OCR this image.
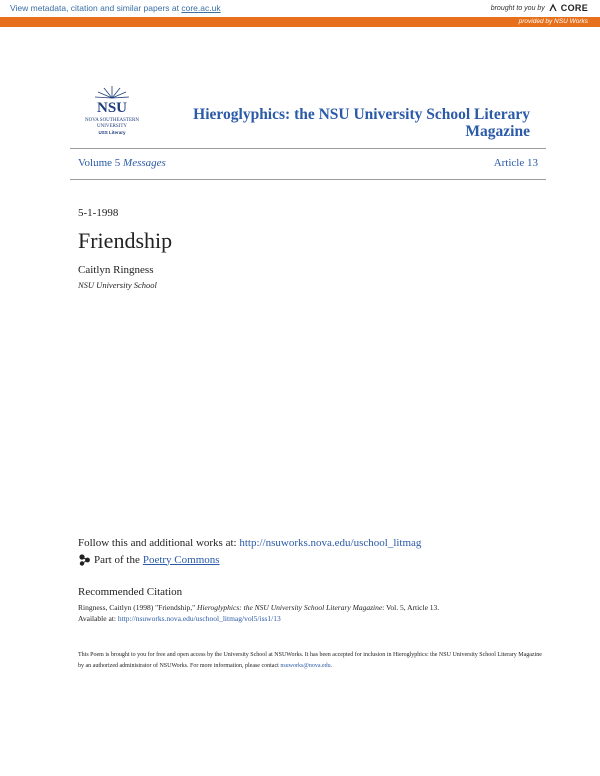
View metadata, citation and similar papers at core.ac.uk	brought to you by CORE
provided by NSU Works
NSU
NOVA SOUTHEASTERN
UNIVERSITY
USS Literary
Hieroglyphics: the NSU University School Literary Magazine
Volume 5 Messages	Article 13
5-1-1998
Friendship
Caitlyn Ringness
NSU University School
Follow this and additional works at: http://nsuworks.nova.edu/uschool_litmag
Part of the Poetry Commons
Recommended Citation
Ringness, Caitlyn (1998) "Friendship," Hieroglyphics: the NSU University School Literary Magazine: Vol. 5, Article 13.
Available at: http://nsuworks.nova.edu/uschool_litmag/vol5/iss1/13
This Poem is brought to you for free and open access by the University School at NSUWorks. It has been accepted for inclusion in Hieroglyphics: the NSU University School Literary Magazine by an authorized administrator of NSUWorks. For more information, please contact nsuworks@nova.edu.
